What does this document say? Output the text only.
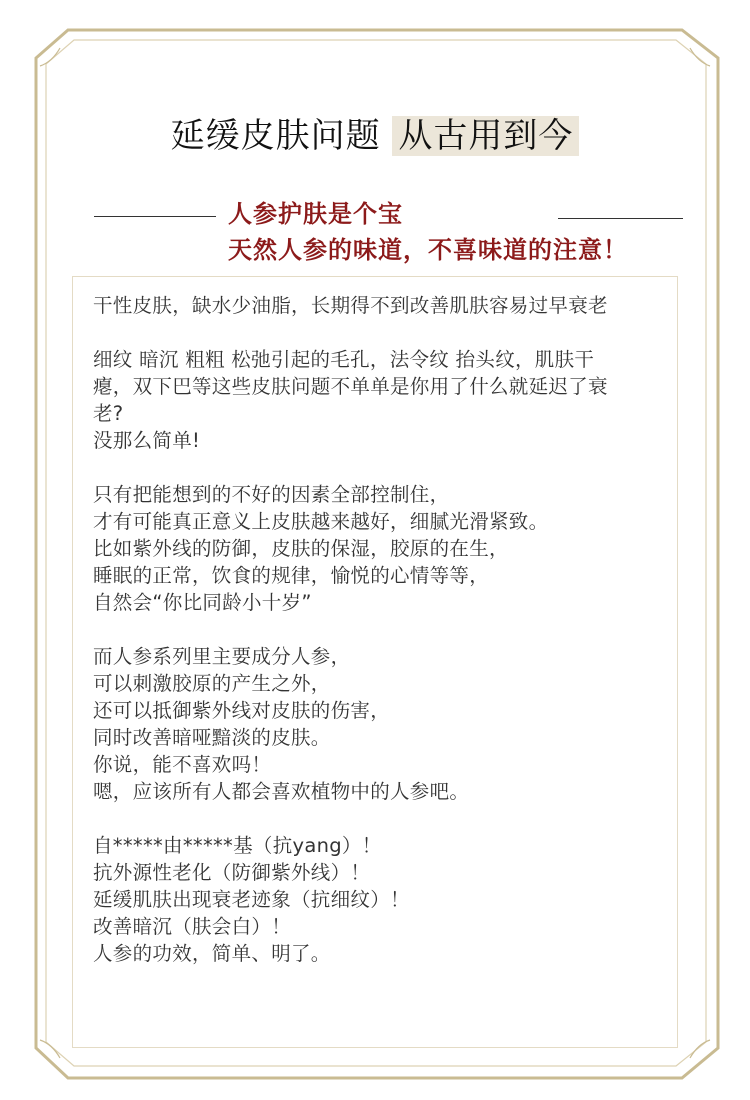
延缓皮肤问题 从古用到今
人参护肤是个宝
天然人参的味道，不喜味道的注意！

干性皮肤，缺水少油脂，长期得不到改善肌肤容易过早衰老

细纹 暗沉 粗粗 松弛引起的毛孔，法令纹 抬头纹，肌肤干
瘪，双下巴等这些皮肤问题不单单是你用了什么就延迟了衰
老?
没那么简单!

只有把能想到的不好的因素全部控制住，
才有可能真正意义上皮肤越来越好，细腻光滑紧致。
比如紫外线的防御，皮肤的保湿，胶原的在生，
睡眠的正常，饮食的规律，愉悦的心情等等，
自然会“你比同龄小十岁”

而人参系列里主要成分人参，
可以刺激胶原的产生之外，
还可以抵御紫外线对皮肤的伤害，
同时改善暗哑黯淡的皮肤。
你说，能不喜欢吗！
嗯，应该所有人都会喜欢植物中的人参吧。

自*****由*****基（抗yang）！
抗外源性老化（防御紫外线）！
延缓肌肤出现衰老迹象（抗细纹）！
改善暗沉（肤会白）！
人参的功效，简单、明了。
